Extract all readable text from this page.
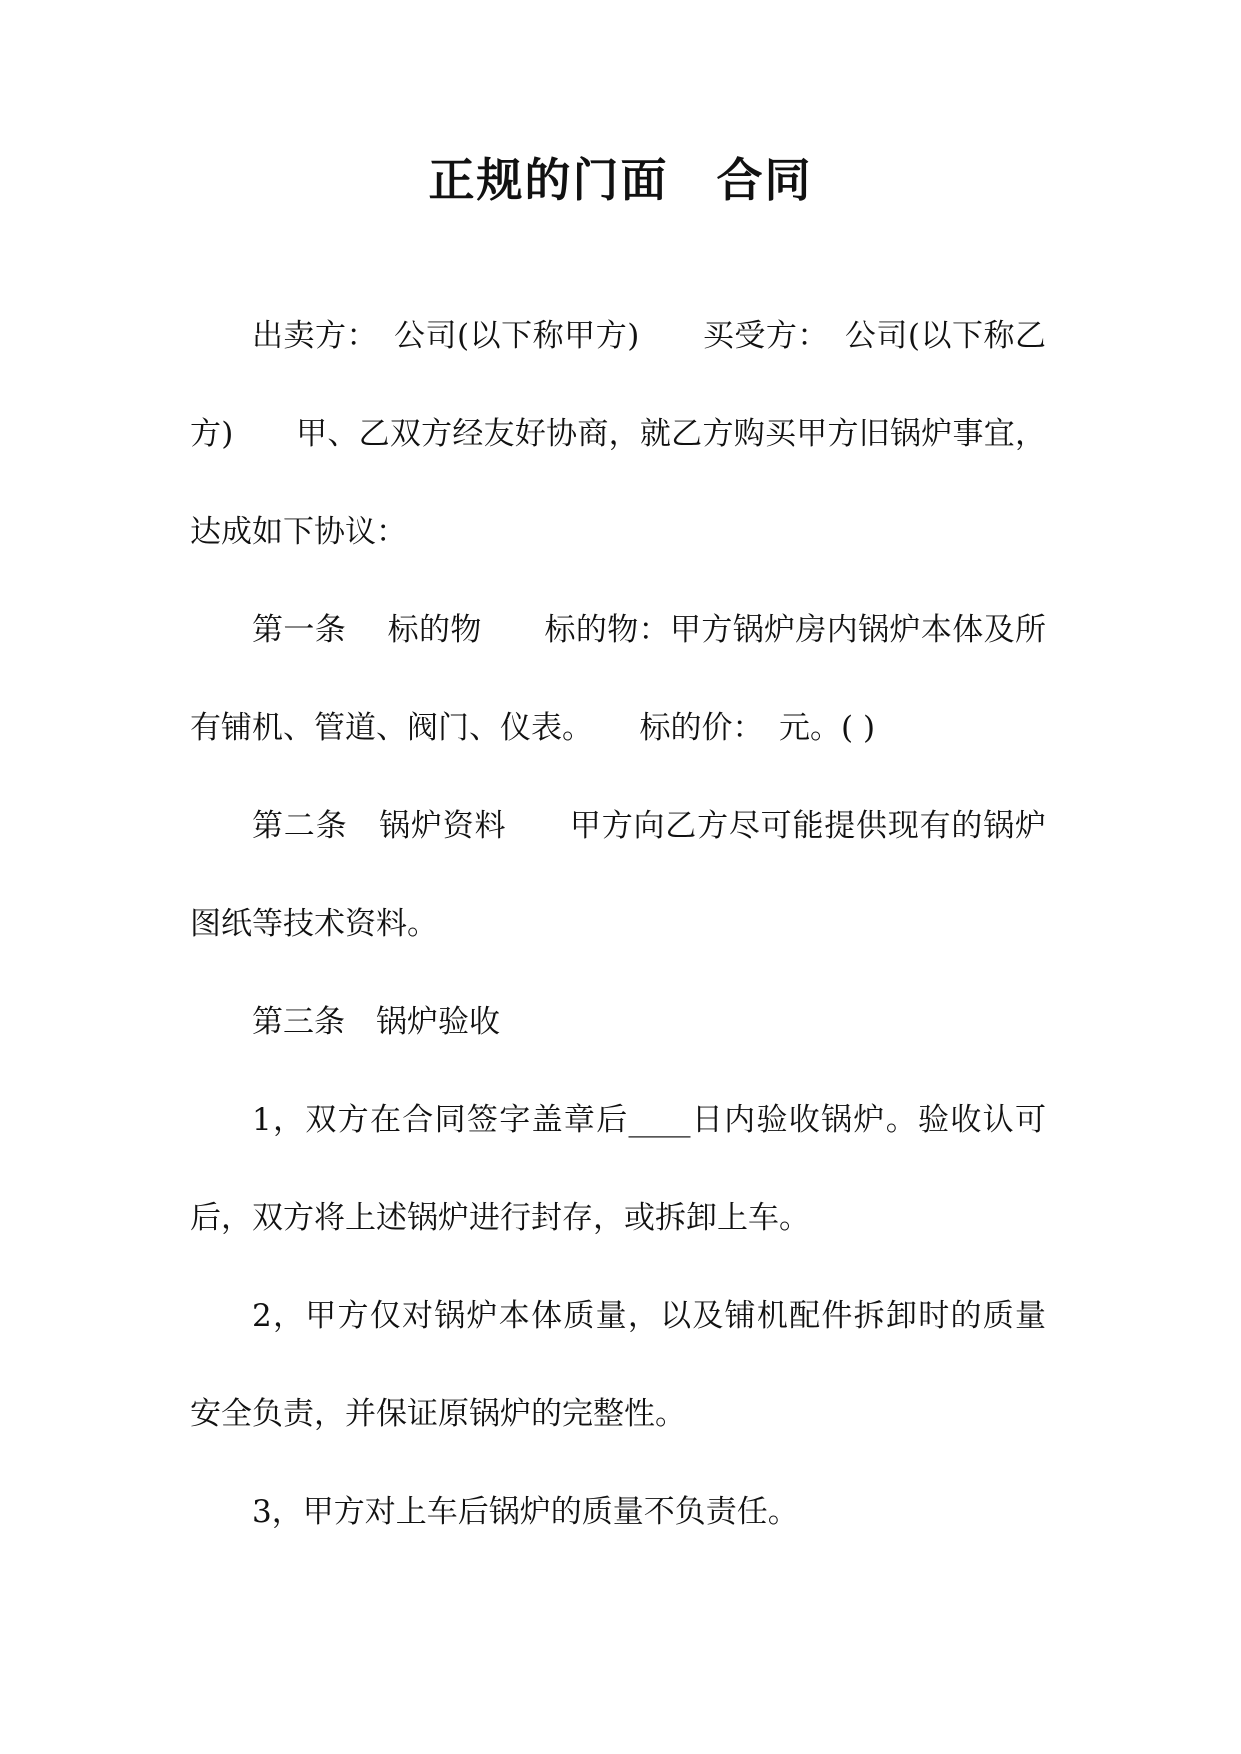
正规的门面　合同

出卖方：　公司(以下称甲方)　　买受方：　公司(以下称乙方)　　甲、乙双方经友好协商，就乙方购买甲方旧锅炉事宜，达成如下协议：

第一条　 标的物　　标的物：甲方锅炉房内锅炉本体及所有铺机、管道、阀门、仪表。　　标的价：　元。( )

第二条　锅炉资料　　甲方向乙方尽可能提供现有的锅炉图纸等技术资料。

第三条　锅炉验收

1，双方在合同签字盖章后____日内验收锅炉。验收认可后，双方将上述锅炉进行封存，或拆卸上车。

2，甲方仅对锅炉本体质量，以及铺机配件拆卸时的质量安全负责，并保证原锅炉的完整性。

3，甲方对上车后锅炉的质量不负责任。
